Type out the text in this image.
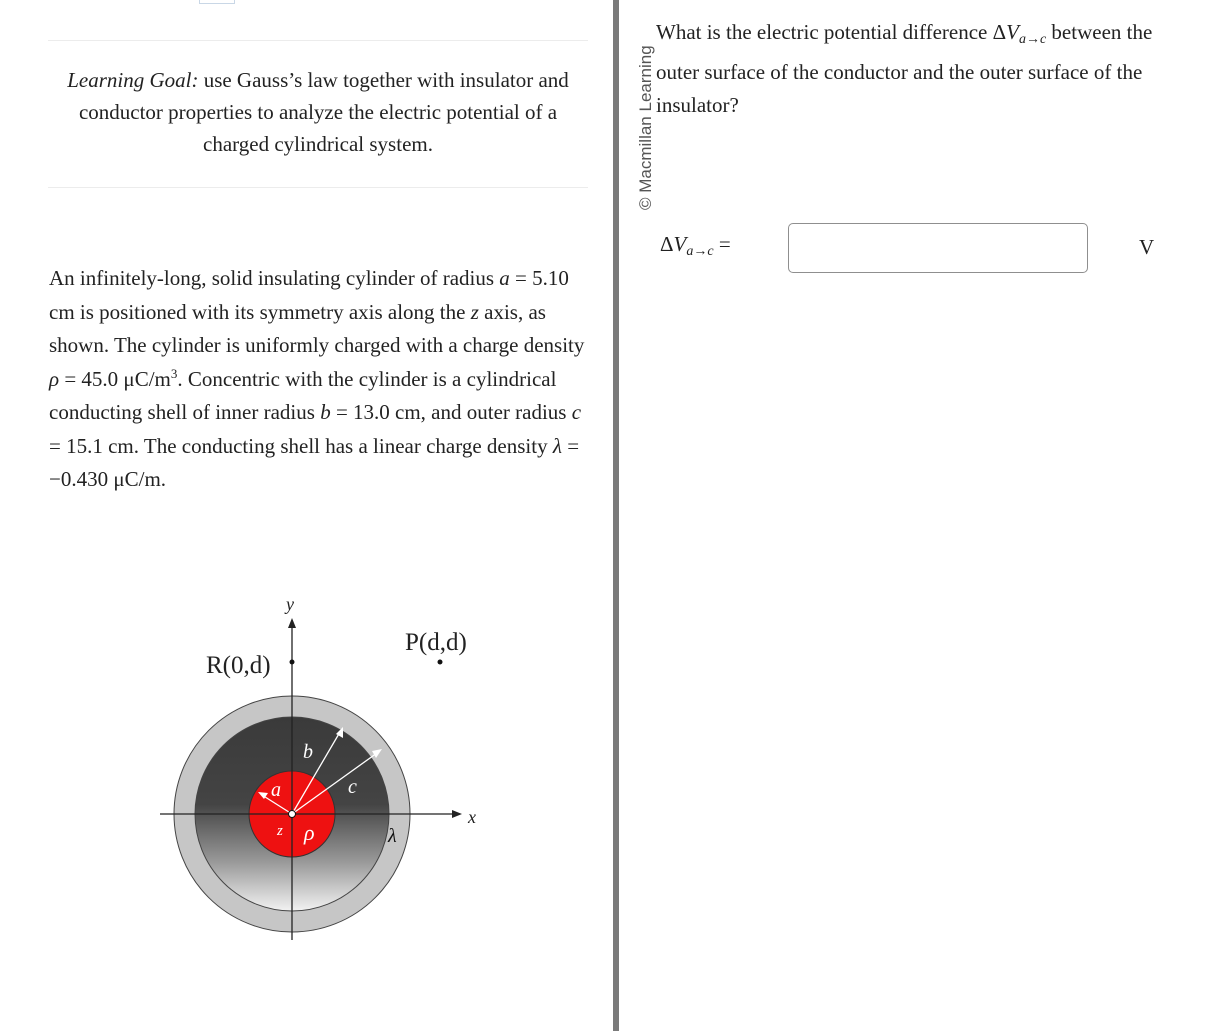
Learning Goal: use Gauss’s law together with insulator and conductor properties to analyze the electric potential of a charged cylindrical system.
An infinitely-long, solid insulating cylinder of radius a = 5.10 cm is positioned with its symmetry axis along the z axis, as shown. The cylinder is uniformly charged with a charge density ρ = 45.0 $\mu C/m^3$. Concentric with the cylinder is a cylindrical conducting shell of inner radius b = 13.0 cm, and outer radius c = 15.1 cm. The conducting shell has a linear charge density λ = −0.430 μC/m.
y
x
z
R(0,d)
P(d,d)
a
b
c
ρ	λ
© Macmillan Learning
What is the electric potential difference $\Delta V_{a\to c}$ between the outer surface of the conductor and the outer surface of the insulator?
$\Delta V_{a\to c}$ =	V
